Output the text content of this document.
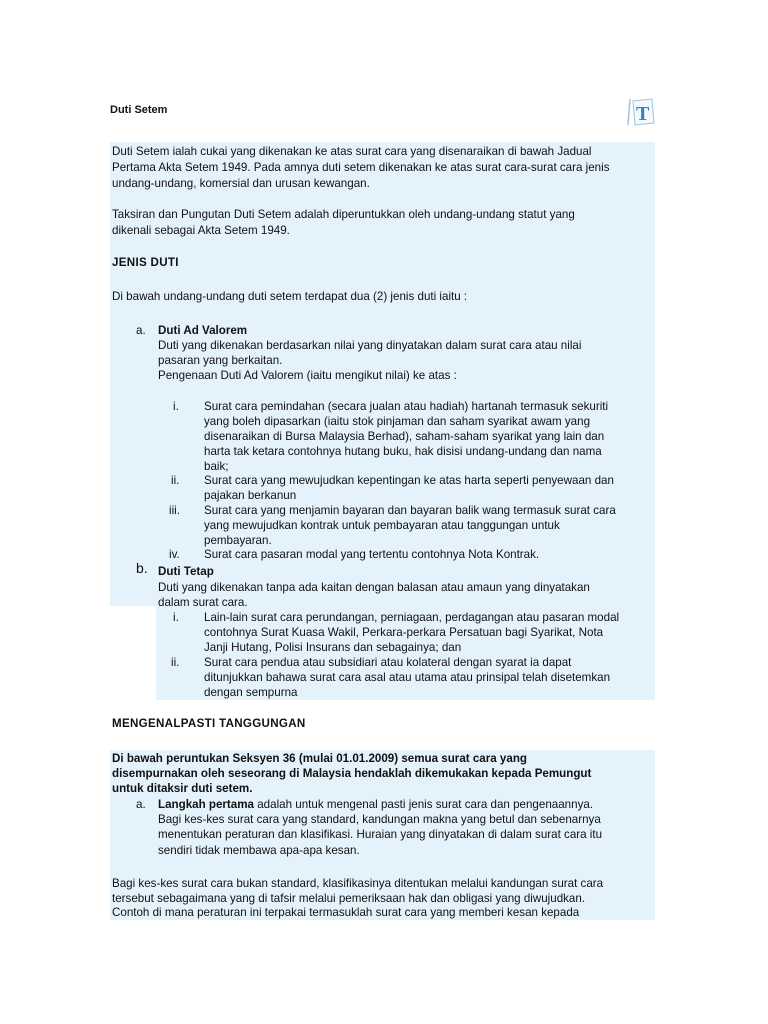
T
Duti Setem
Duti Setem ialah cukai yang dikenakan ke atas surat cara yang disenaraikan di bawah Jadual
Pertama Akta Setem 1949. Pada amnya duti setem dikenakan ke atas surat cara-surat cara jenis
undang-undang, komersial dan urusan kewangan.
Taksiran dan Pungutan Duti Setem adalah diperuntukkan oleh undang-undang statut yang
dikenali sebagai Akta Setem 1949.
JENIS DUTI
Di bawah undang-undang duti setem terdapat dua (2) jenis duti iaitu :
a. Duti Ad Valorem
Duti yang dikenakan berdasarkan nilai yang dinyatakan dalam surat cara atau nilai
pasaran yang berkaitan.
Pengenaan Duti Ad Valorem (iaitu mengikut nilai) ke atas :
i. Surat cara pemindahan (secara jualan atau hadiah) hartanah termasuk sekuriti
yang boleh dipasarkan (iaitu stok pinjaman dan saham syarikat awam yang
disenaraikan di Bursa Malaysia Berhad), saham-saham syarikat yang lain dan
harta tak ketara contohnya hutang buku, hak disisi undang-undang dan nama
baik;
ii. Surat cara yang mewujudkan kepentingan ke atas harta seperti penyewaan dan
pajakan berkanun
iii. Surat cara yang menjamin bayaran dan bayaran balik wang termasuk surat cara
yang mewujudkan kontrak untuk pembayaran atau tanggungan untuk
pembayaran.
iv. Surat cara pasaran modal yang tertentu contohnya Nota Kontrak.
b. Duti Tetap
Duti yang dikenakan tanpa ada kaitan dengan balasan atau amaun yang dinyatakan
dalam surat cara.
i. Lain-lain surat cara perundangan, perniagaan, perdagangan atau pasaran modal
contohnya Surat Kuasa Wakil, Perkara-perkara Persatuan bagi Syarikat, Nota
Janji Hutang, Polisi Insurans dan sebagainya; dan
ii. Surat cara pendua atau subsidiari atau kolateral dengan syarat ia dapat
ditunjukkan bahawa surat cara asal atau utama atau prinsipal telah disetemkan
dengan sempurna
MENGENALPASTI TANGGUNGAN
Di bawah peruntukan Seksyen 36 (mulai 01.01.2009) semua surat cara yang
disempurnakan oleh seseorang di Malaysia hendaklah dikemukakan kepada Pemungut
untuk ditaksir duti setem.
a. Langkah pertama adalah untuk mengenal pasti jenis surat cara dan pengenaannya.
Bagi kes-kes surat cara yang standard, kandungan makna yang betul dan sebenarnya
menentukan peraturan dan klasifikasi. Huraian yang dinyatakan di dalam surat cara itu
sendiri tidak membawa apa-apa kesan.
Bagi kes-kes surat cara bukan standard, klasifikasinya ditentukan melalui kandungan surat cara
tersebut sebagaimana yang di tafsir melalui pemeriksaan hak dan obligasi yang diwujudkan.
Contoh di mana peraturan ini terpakai termasuklah surat cara yang memberi kesan kepada
